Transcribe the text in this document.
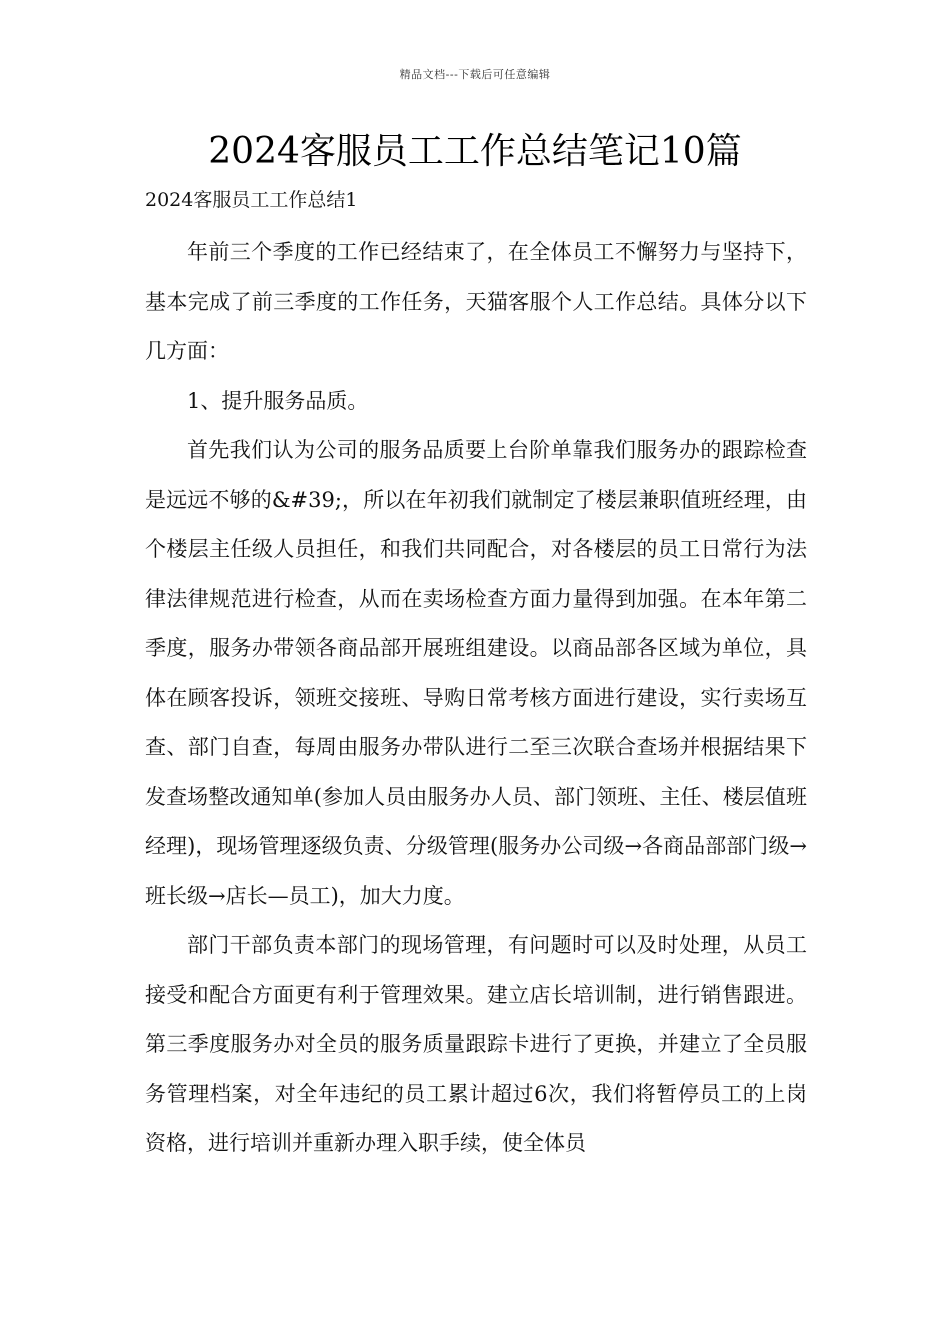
精品文档---下载后可任意编辑
2024客服员工工作总结笔记10篇
2024客服员工工作总结1

年前三个季度的工作已经结束了，在全体员工不懈努力与坚持下，基本完成了前三季度的工作任务，天猫客服个人工作总结。具体分以下几方面：

1、提升服务品质。

首先我们认为公司的服务品质要上台阶单靠我们服务办的跟踪检查是远远不够的&#39;，所以在年初我们就制定了楼层兼职值班经理，由个楼层主任级人员担任，和我们共同配合，对各楼层的员工日常行为法律法律规范进行检查，从而在卖场检查方面力量得到加强。在本年第二季度，服务办带领各商品部开展班组建设。以商品部各区域为单位，具体在顾客投诉，领班交接班、导购日常考核方面进行建设，实行卖场互查、部门自查，每周由服务办带队进行二至三次联合查场并根据结果下发查场整改通知单(参加人员由服务办人员、部门领班、主任、楼层值班经理)，现场管理逐级负责、分级管理(服务办公司级→各商品部部门级→班长级→店长—员工)，加大力度。

部门干部负责本部门的现场管理，有问题时可以及时处理，从员工接受和配合方面更有利于管理效果。建立店长培训制，进行销售跟进。第三季度服务办对全员的服务质量跟踪卡进行了更换，并建立了全员服务管理档案，对全年违纪的员工累计超过6次，我们将暂停员工的上岗资格，进行培训并重新办理入职手续，使全体员
